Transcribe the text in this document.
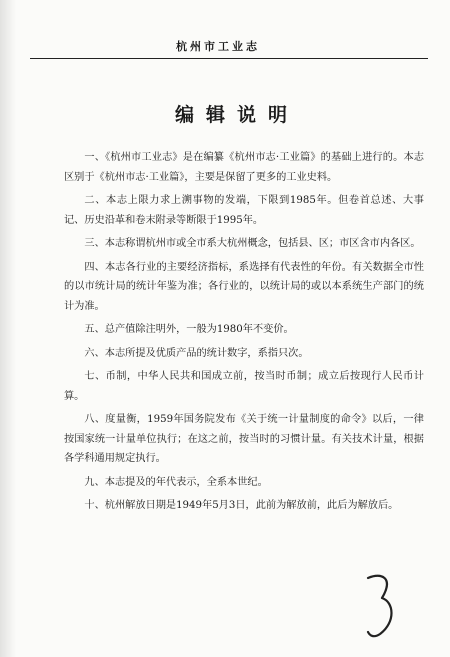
杭州市工业志
编辑说明

一、《杭州市工业志》是在编纂《杭州市志·工业篇》的基础上进行的。本志区别于《杭州市志·工业篇》，主要是保留了更多的工业史料。

二、本志上限力求上溯事物的发端，下限到1985年。但卷首总述、大事记、历史沿革和卷末附录等断限于1995年。

三、本志称谓杭州市或全市系大杭州概念，包括县、区；市区含市内各区。

四、本志各行业的主要经济指标，系选择有代表性的年份。有关数据全市性的以市统计局的统计年鉴为准；各行业的，以统计局的或以本系统生产部门的统计为准。

五、总产值除注明外，一般为1980年不变价。

六、本志所提及优质产品的统计数字，系指只次。

七、币制，中华人民共和国成立前，按当时币制；成立后按现行人民币计算。

八、度量衡，1959年国务院发布《关于统一计量制度的命令》以后，一律按国家统一计量单位执行；在这之前，按当时的习惯计量。有关技术计量，根据各学科通用规定执行。

九、本志提及的年代表示，全系本世纪。

十、杭州解放日期是1949年5月3日，此前为解放前，此后为解放后。
